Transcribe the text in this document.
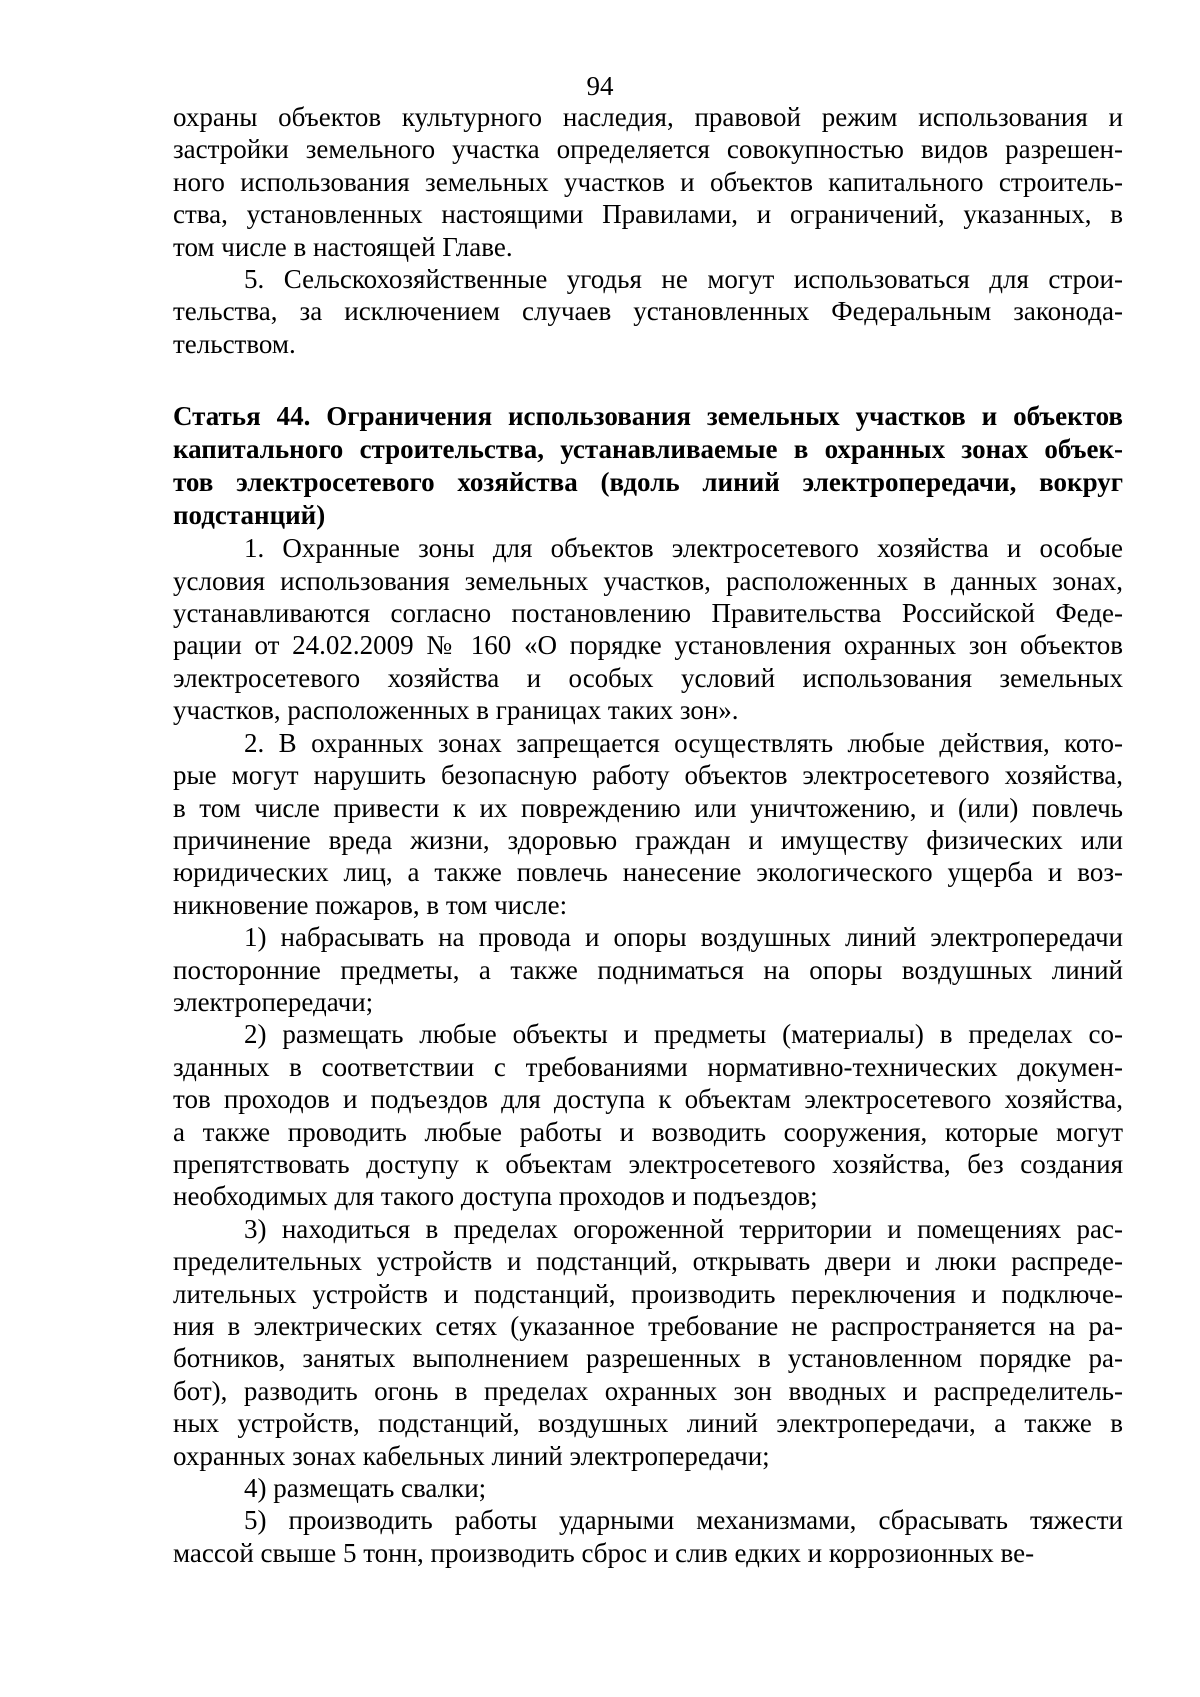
94
охраны объектов культурного наследия, правовой режим использования и
застройки земельного участка определяется совокупностью видов разрешен-
ного использования земельных участков и объектов капитального строитель-
ства, установленных настоящими Правилами, и ограничений, указанных, в
том числе в настоящей Главе.
5. Сельскохозяйственные угодья не могут использоваться для строи-
тельства, за исключением случаев установленных Федеральным законода-
тельством.
Статья 44. Ограничения использования земельных участков и объектов
капитального строительства, устанавливаемые в охранных зонах объек-
тов электросетевого хозяйства (вдоль линий электропередачи, вокруг
подстанций)
1. Охранные зоны для объектов электросетевого хозяйства и особые
условия использования земельных участков, расположенных в данных зонах,
устанавливаются согласно постановлению Правительства Российской Феде-
рации от 24.02.2009 № 160 «О порядке установления охранных зон объектов
электросетевого хозяйства и особых условий использования земельных
участков, расположенных в границах таких зон».
2. В охранных зонах запрещается осуществлять любые действия, кото-
рые могут нарушить безопасную работу объектов электросетевого хозяйства,
в том числе привести к их повреждению или уничтожению, и (или) повлечь
причинение вреда жизни, здоровью граждан и имуществу физических или
юридических лиц, а также повлечь нанесение экологического ущерба и воз-
никновение пожаров, в том числе:
1) набрасывать на провода и опоры воздушных линий электропередачи
посторонние предметы, а также подниматься на опоры воздушных линий
электропередачи;
2) размещать любые объекты и предметы (материалы) в пределах со-
зданных в соответствии с требованиями нормативно-технических докумен-
тов проходов и подъездов для доступа к объектам электросетевого хозяйства,
а также проводить любые работы и возводить сооружения, которые могут
препятствовать доступу к объектам электросетевого хозяйства, без создания
необходимых для такого доступа проходов и подъездов;
3) находиться в пределах огороженной территории и помещениях рас-
пределительных устройств и подстанций, открывать двери и люки распреде-
лительных устройств и подстанций, производить переключения и подключе-
ния в электрических сетях (указанное требование не распространяется на ра-
ботников, занятых выполнением разрешенных в установленном порядке ра-
бот), разводить огонь в пределах охранных зон вводных и распределитель-
ных устройств, подстанций, воздушных линий электропередачи, а также в
охранных зонах кабельных линий электропередачи;
4) размещать свалки;
5) производить работы ударными механизмами, сбрасывать тяжести
массой свыше 5 тонн, производить сброс и слив едких и коррозионных ве-
